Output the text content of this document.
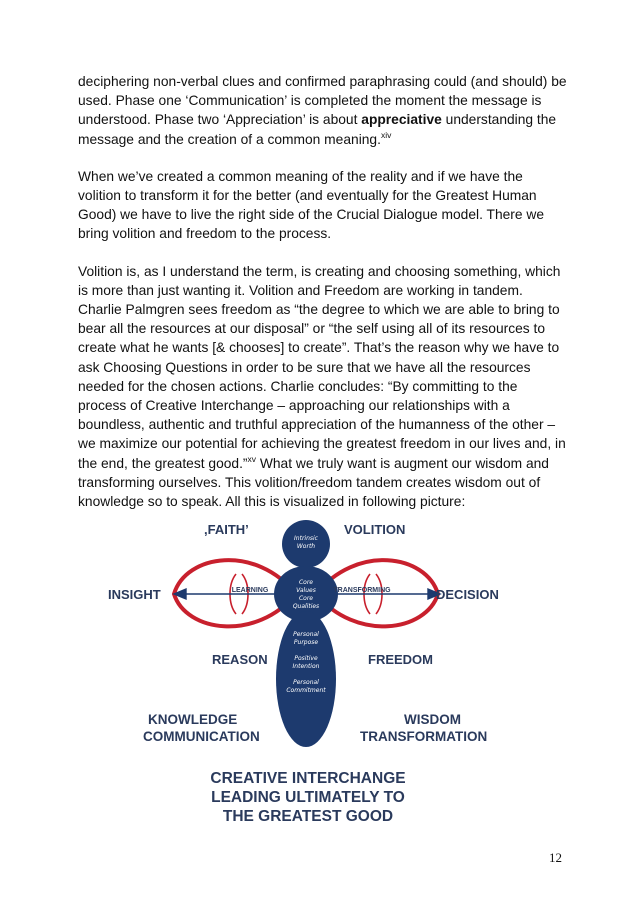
deciphering non-verbal clues and confirmed paraphrasing could (and should) be used. Phase one ‘Communication’ is completed the moment the message is understood. Phase two ‘Appreciation’ is about appreciative understanding the message and the creation of a common meaning.$^{xiv}$

When we’ve created a common meaning of the reality and if we have the volition to transform it for the better (and eventually for the Greatest Human Good) we have to live the right side of the Crucial Dialogue model. There we bring volition and freedom to the process.

Volition is, as I understand the term, is creating and choosing something, which is more than just wanting it. Volition and Freedom are working in tandem. Charlie Palmgren sees freedom as “the degree to which we are able to bring to bear all the resources at our disposal” or “the self using all of its resources to create what he wants [& chooses] to create”. That’s the reason why we have to ask Choosing Questions in order to be sure that we have all the resources needed for the chosen actions. Charlie concludes: “By committing to the process of Creative Interchange – approaching our relationships with a boundless, authentic and truthful appreciation of the humanness of the other – we maximize our potential for achieving the greatest freedom in our lives and, in the end, the greatest good.”$^{xv}$ What we truly want is augment our wisdom and transforming ourselves. This volition/freedom tandem creates wisdom out of knowledge so to speak. All this is visualized in following picture:

Intrinsic
Worth
Core
Values
Core
Qualities
Personal
Purpose
Positive
Intention
Personal
Commitment
LEARNING	TRANSFORMING
,FAITH’	VOLITION
INSIGHT	DECISION
REASON	FREEDOM
KNOWLEDGE
COMMUNICATION
WISDOM
TRANSFORMATION
CREATIVE INTERCHANGE
LEADING ULTIMATELY TO
THE GREATEST GOOD
12
